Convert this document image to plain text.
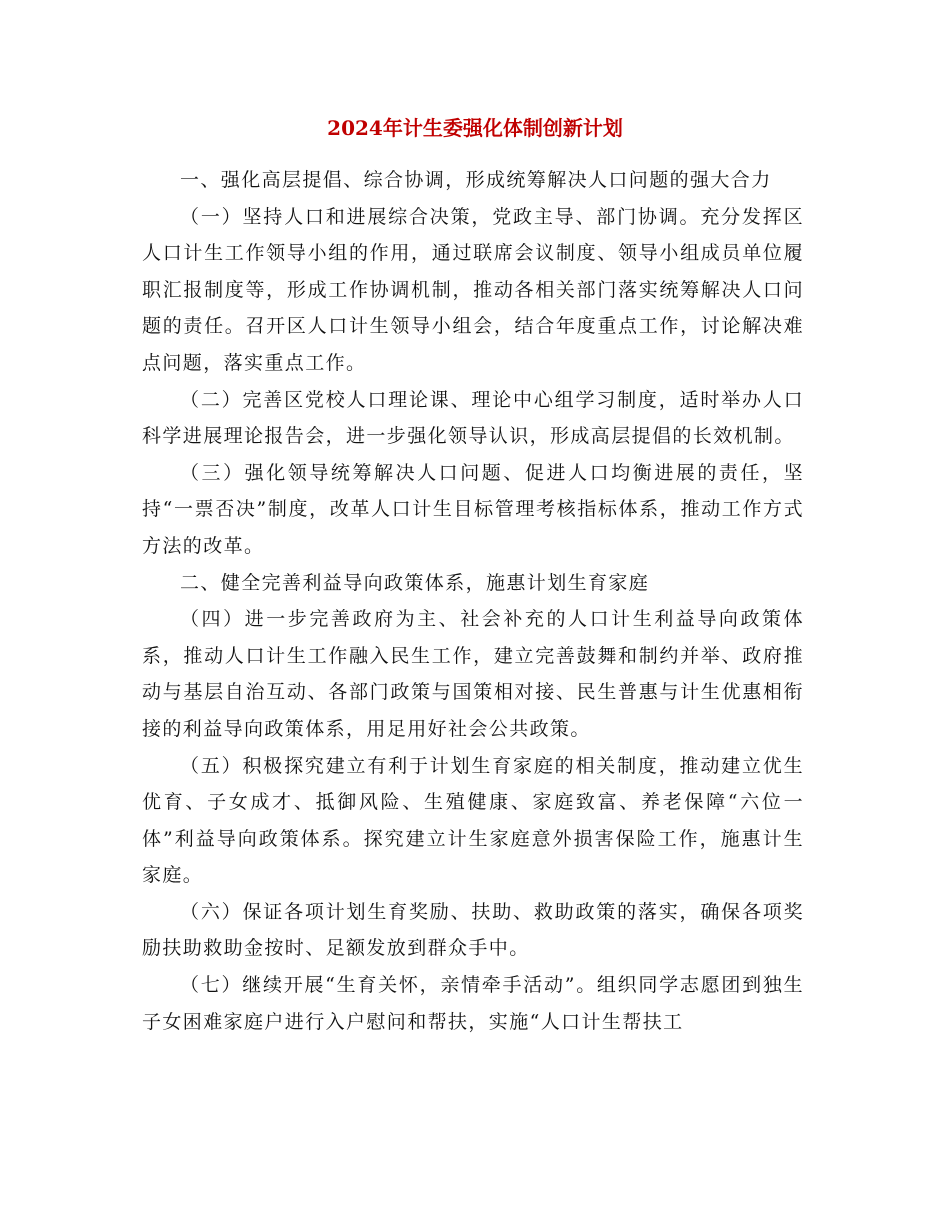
2024年计生委强化体制创新计划

一、强化高层提倡、综合协调，形成统筹解决人口问题的强大合力

（一）坚持人口和进展综合决策，党政主导、部门协调。充分发挥区人口计生工作领导小组的作用，通过联席会议制度、领导小组成员单位履职汇报制度等，形成工作协调机制，推动各相关部门落实统筹解决人口问题的责任。召开区人口计生领导小组会，结合年度重点工作，讨论解决难点问题，落实重点工作。

（二）完善区党校人口理论课、理论中心组学习制度，适时举办人口科学进展理论报告会，进一步强化领导认识，形成高层提倡的长效机制。

（三）强化领导统筹解决人口问题、促进人口均衡进展的责任，坚持“一票否决”制度，改革人口计生目标管理考核指标体系，推动工作方式方法的改革。

二、健全完善利益导向政策体系，施惠计划生育家庭

（四）进一步完善政府为主、社会补充的人口计生利益导向政策体系，推动人口计生工作融入民生工作，建立完善鼓舞和制约并举、政府推动与基层自治互动、各部门政策与国策相对接、民生普惠与计生优惠相衔接的利益导向政策体系，用足用好社会公共政策。

（五）积极探究建立有利于计划生育家庭的相关制度，推动建立优生优育、子女成才、抵御风险、生殖健康、家庭致富、养老保障“六位一体”利益导向政策体系。探究建立计生家庭意外损害保险工作，施惠计生家庭。

（六）保证各项计划生育奖励、扶助、救助政策的落实，确保各项奖励扶助救助金按时、足额发放到群众手中。

（七）继续开展“生育关怀，亲情牵手活动”。组织同学志愿团到独生子女困难家庭户进行入户慰问和帮扶，实施“人口计生帮扶工
